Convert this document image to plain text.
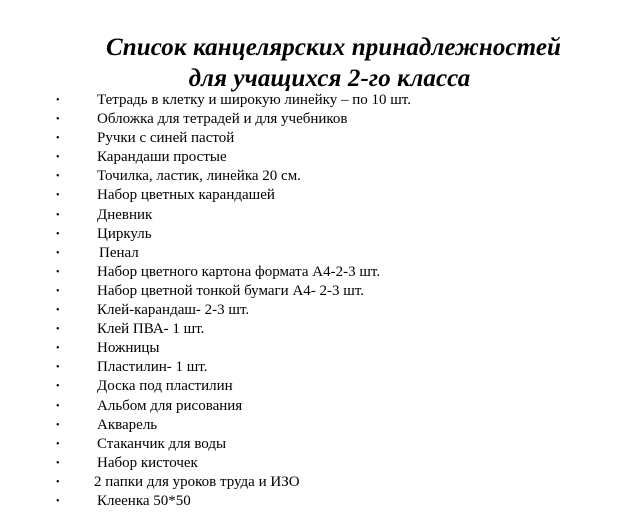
Список канцелярских принадлежностей
для учащихся 2-го класса
•	Тетрадь в клетку и широкую линейку – по 10 шт.
•	Обложка для тетрадей и для учебников
•	Ручки с синей пастой
•	Карандаши простые
•	Точилка, ластик, линейка 20 см.
•	Набор цветных карандашей
•	Дневник
•	Циркуль
•	Пенал
•	Набор цветного картона формата А4-2-3 шт.
•	Набор цветной тонкой бумаги А4- 2-3 шт.
•	Клей-карандаш- 2-3 шт.
•	Клей ПВА- 1 шт.
•	Ножницы
•	Пластилин- 1 шт.
•	Доска под пластилин
•	Альбом для рисования
•	Акварель
•	Стаканчик для воды
•	Набор кисточек
•	2 папки для уроков труда и ИЗО
•	Клеенка 50*50
